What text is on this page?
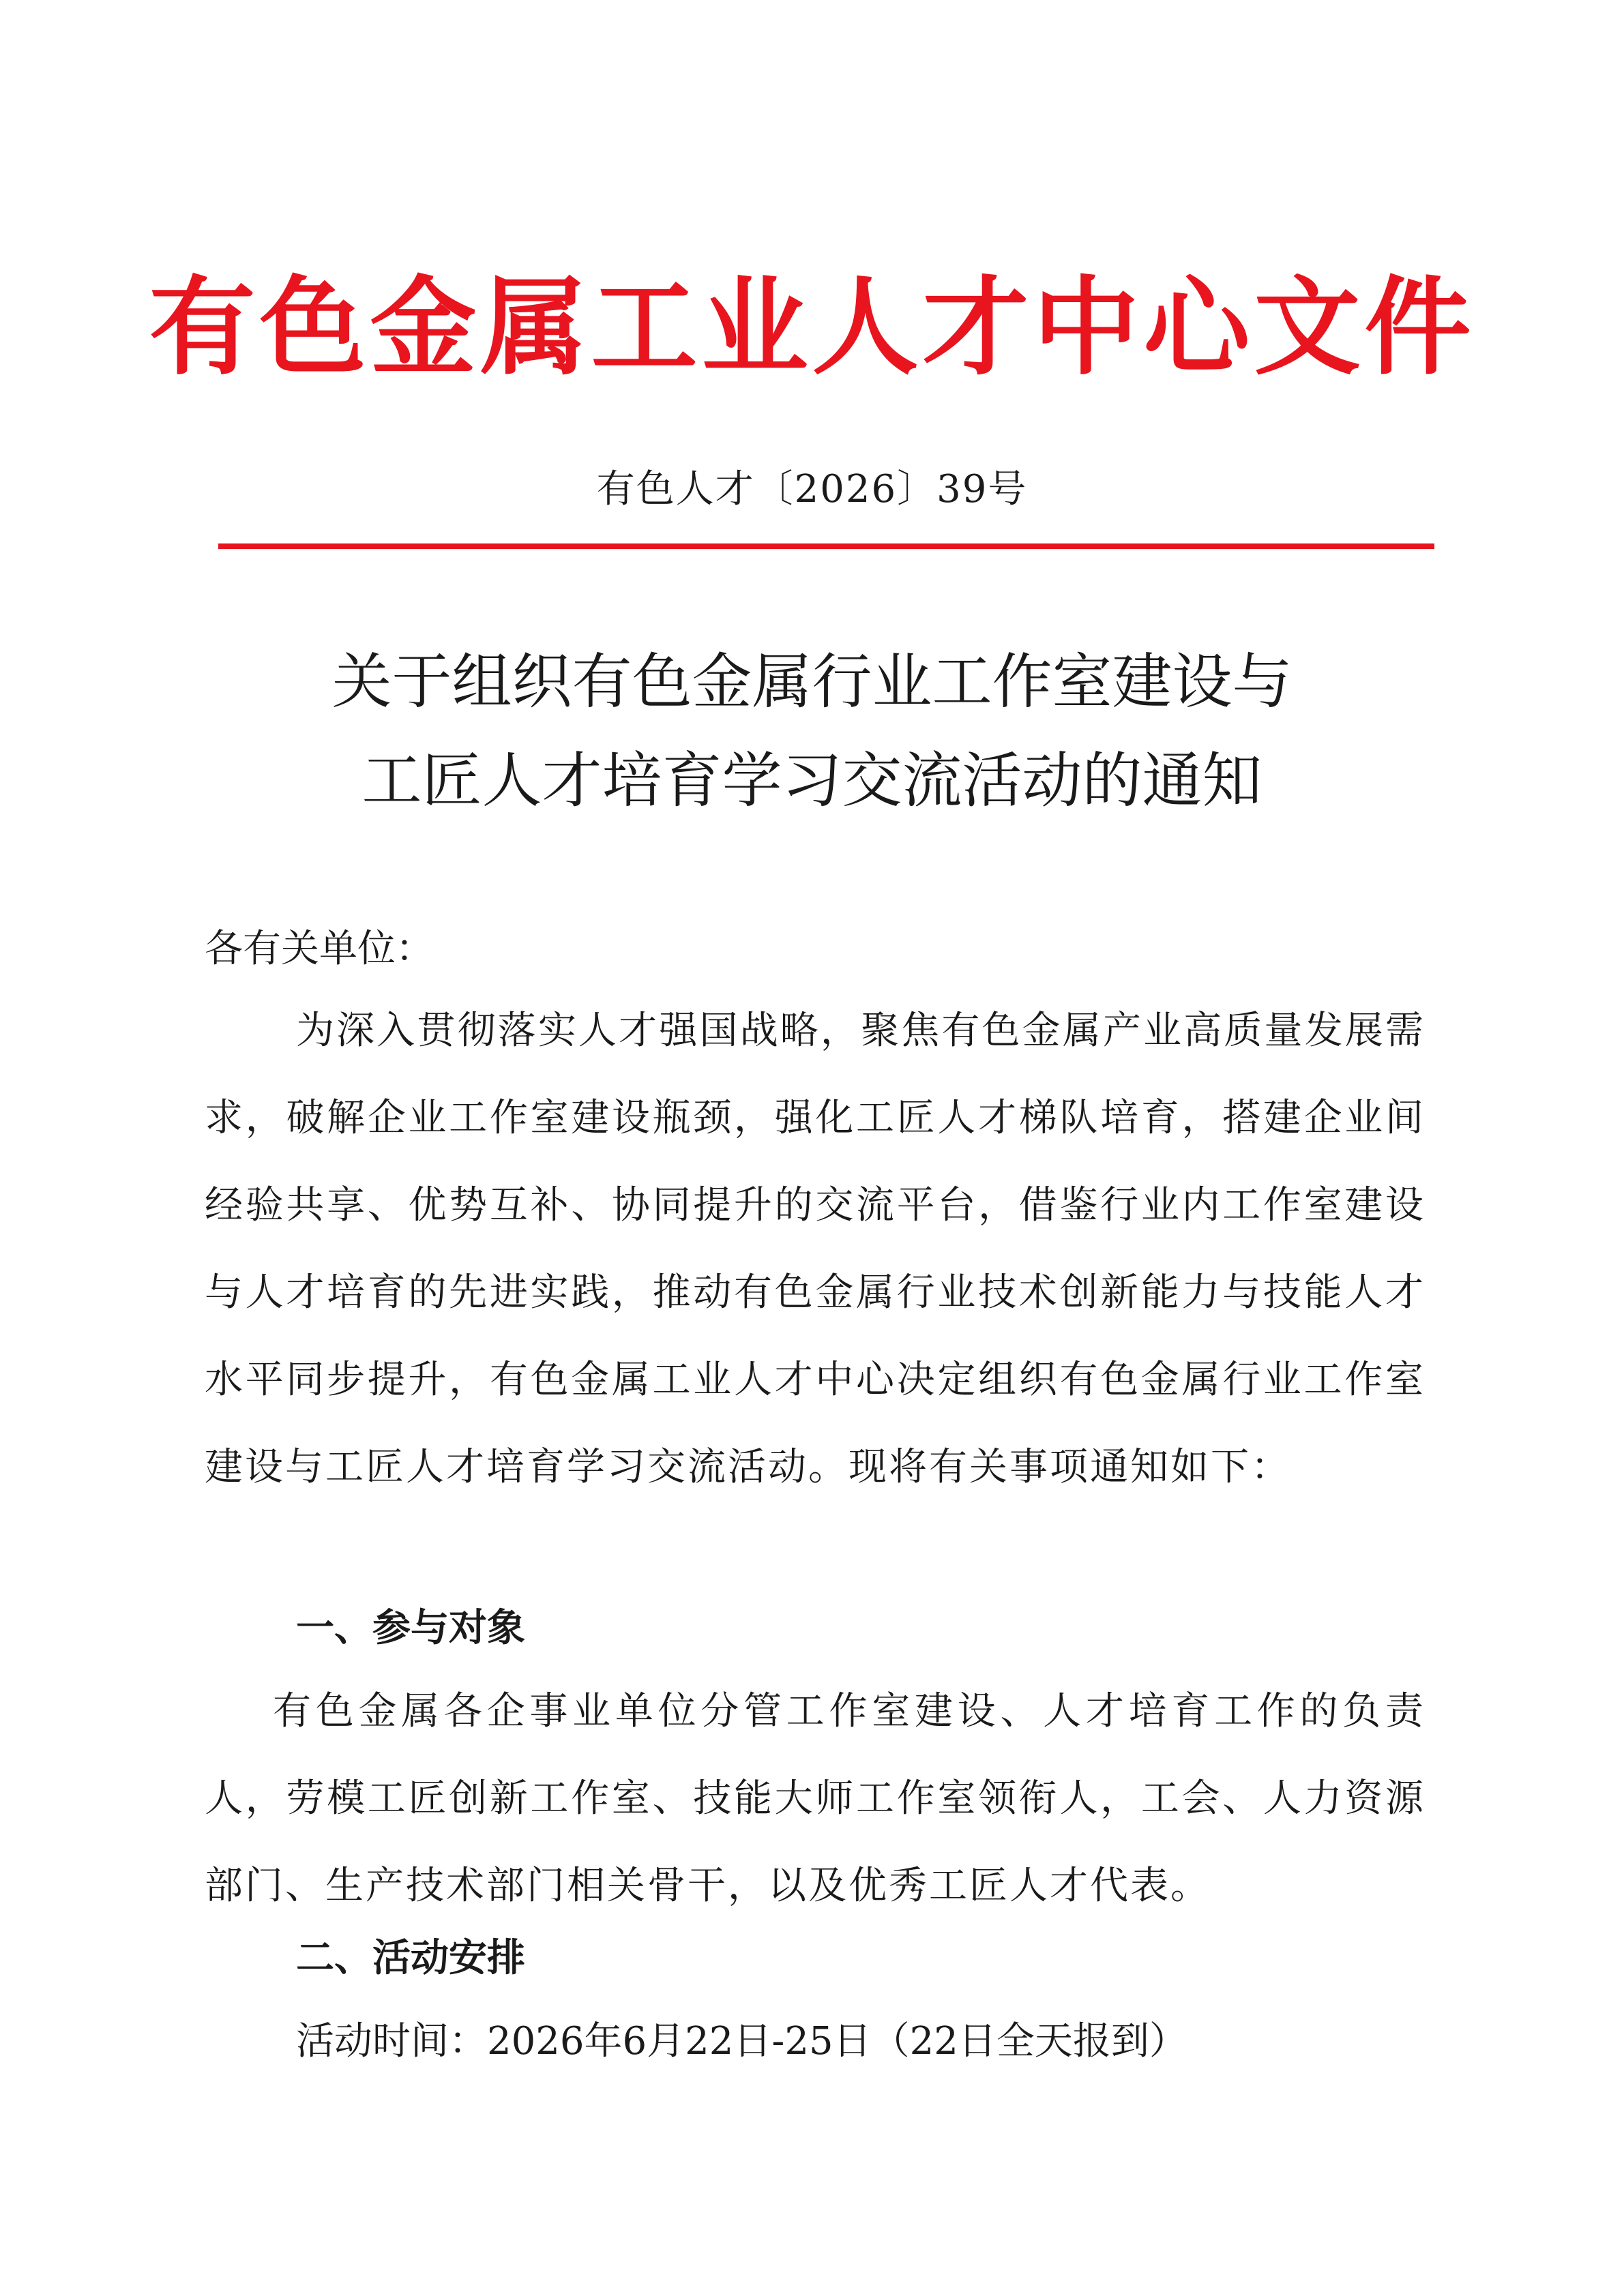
有色金属工业人才中心文件
有色人才〔2026〕39号
关于组织有色金属行业工作室建设与
工匠人才培育学习交流活动的通知
各有关单位：
为深入贯彻落实人才强国战略，聚焦有色金属产业高质量发展需求，破解企业工作室建设瓶颈，强化工匠人才梯队培育，搭建企业间经验共享、优势互补、协同提升的交流平台，借鉴行业内工作室建设与人才培育的先进实践，推动有色金属行业技术创新能力与技能人才水平同步提升，有色金属工业人才中心决定组织有色金属行业工作室建设与工匠人才培育学习交流活动。现将有关事项通知如下：
一、参与对象
有色金属各企事业单位分管工作室建设、人才培育工作的负责人，劳模工匠创新工作室、技能大师工作室领衔人，工会、人力资源部门、生产技术部门相关骨干，以及优秀工匠人才代表。
二、活动安排
活动时间：2026年6月22日-25日（22日全天报到）
